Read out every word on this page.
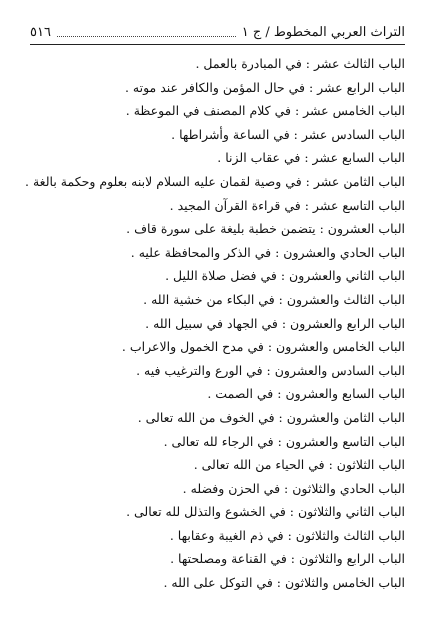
التراث العربي المخطوط / ج ١
٥١٦
الباب الثالث عشر : في المبادرة بالعمل .
الباب الرابع عشر : في حال المؤمن والكافر عند موته .
الباب الخامس عشر : في كلام المصنف في الموعظة .
الباب السادس عشر : في الساعة وأشراطها .
الباب السابع عشر : في عقاب الزنا .
الباب الثامن عشر : في وصية لقمان عليه السلام لابنه بعلوم وحكمة بالغة .
الباب التاسع عشر : في قراءة القرآن المجيد .
الباب العشرون : يتضمن خطبة بليغة على سورة قاف .
الباب الحادي والعشرون : في الذكر والمحافظة عليه .
الباب الثاني والعشرون : في فضل صلاة الليل .
الباب الثالث والعشرون : في البكاء من خشية الله .
الباب الرابع والعشرون : في الجهاد في سبيل الله .
الباب الخامس والعشرون : في مدح الخمول والاعراب .
الباب السادس والعشرون : في الورع والترغيب فيه .
الباب السابع والعشرون : في الصمت .
الباب الثامن والعشرون : في الخوف من الله تعالى .
الباب التاسع والعشرون : في الرجاء لله تعالى .
الباب الثلاثون : في الحياء من الله تعالى .
الباب الحادي والثلاثون : في الحزن وفضله .
الباب الثاني والثلاثون : في الخشوع والتذلل لله تعالى .
الباب الثالث والثلاثون : في ذم الغيبة وعقابها .
الباب الرابع والثلاثون : في القناعة ومصلحتها .
الباب الخامس والثلاثون : في التوكل على الله .
